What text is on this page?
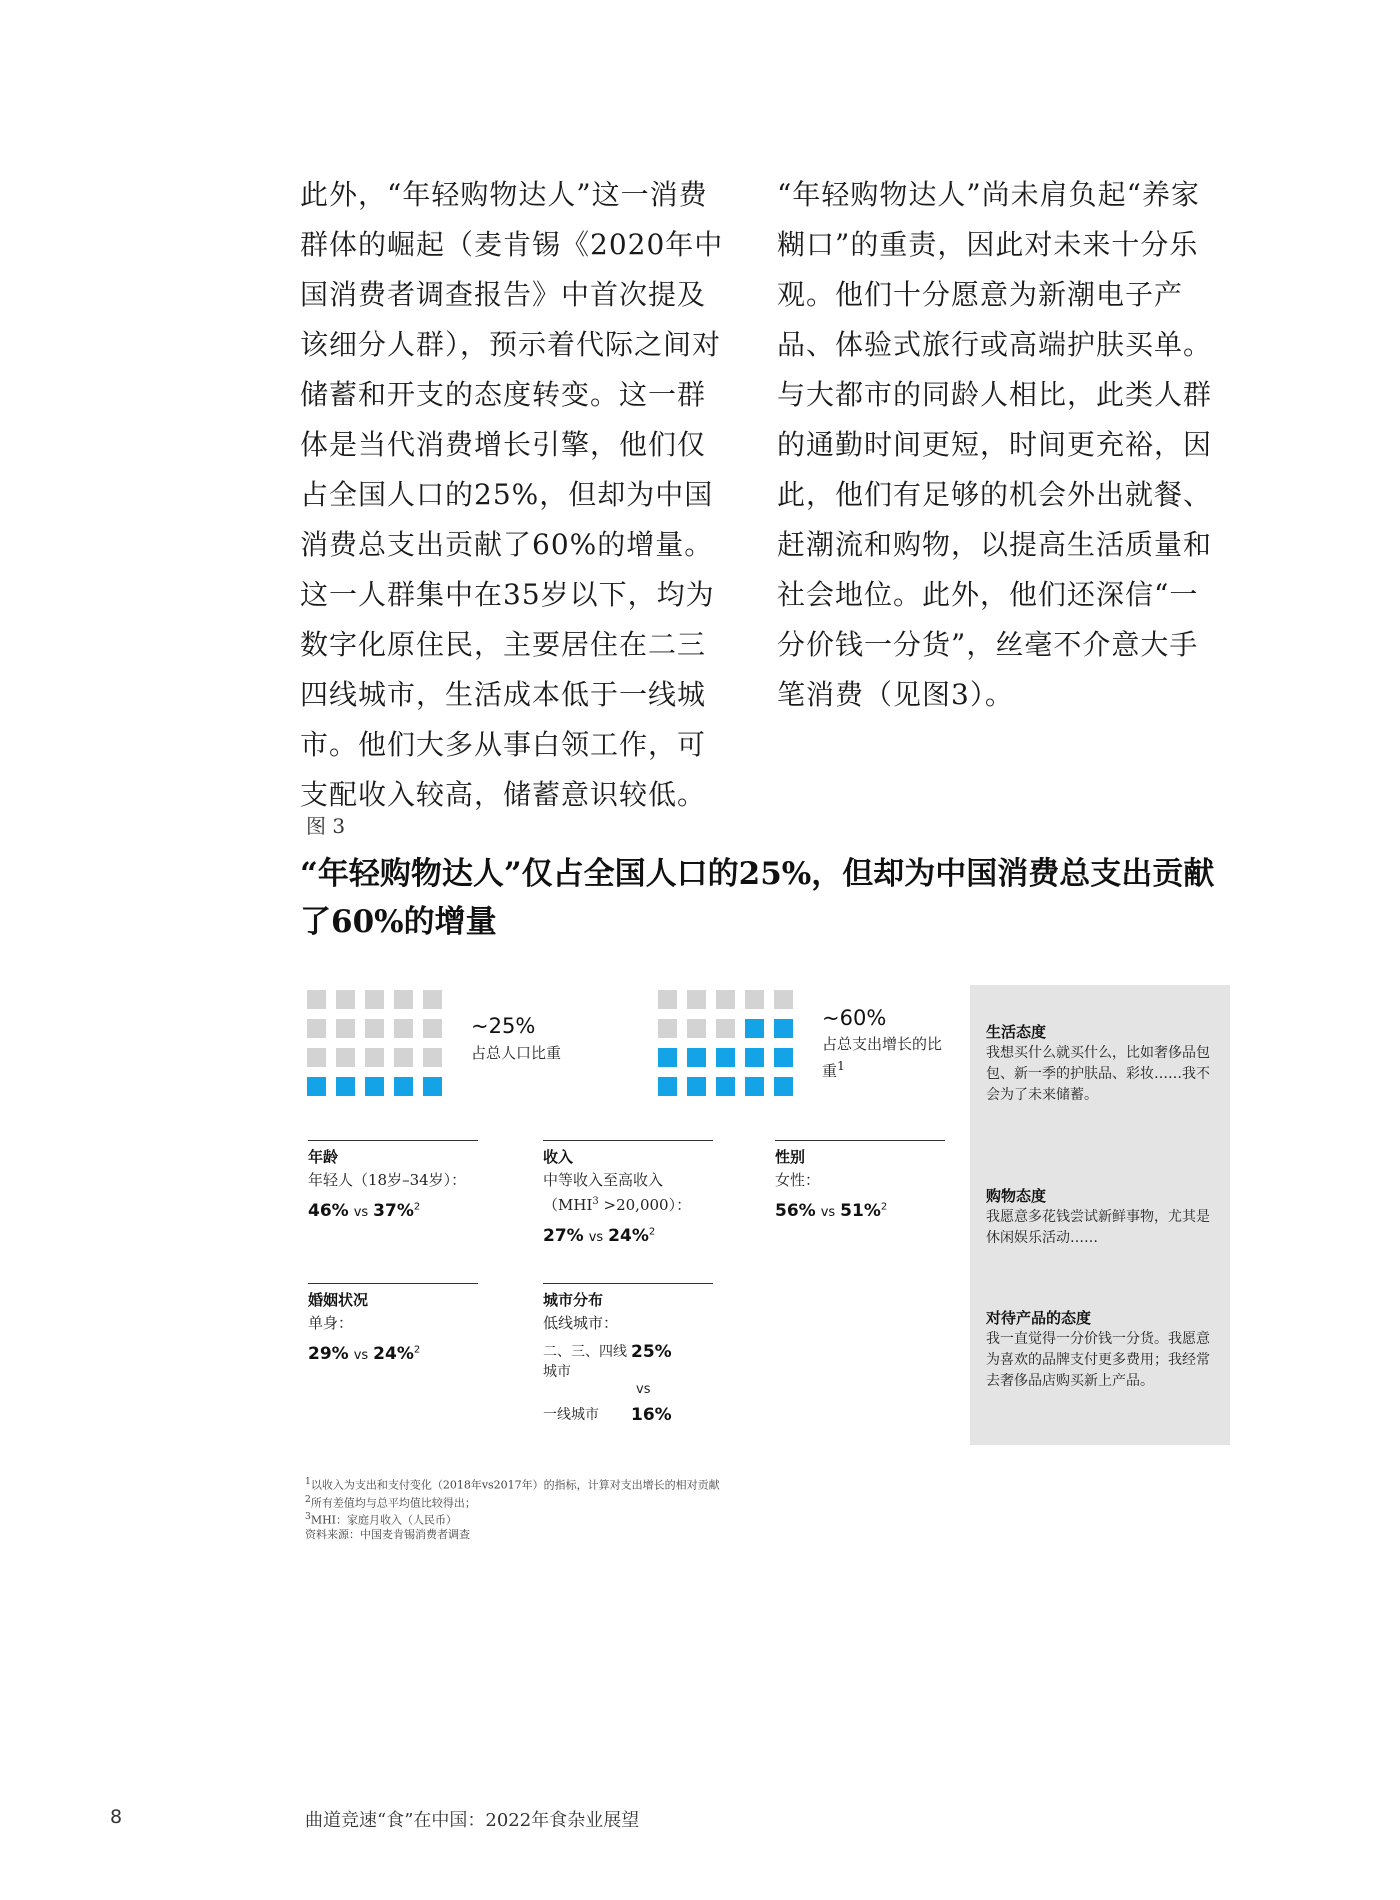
此外，“年轻购物达人”这一消费群体的崛起（麦肯锡《2020年中国消费者调查报告》中首次提及该细分人群），预示着代际之间对储蓄和开支的态度转变。这一群体是当代消费增长引擎，他们仅占全国人口的25%，但却为中国消费总支出贡献了60%的增量。这一人群集中在35岁以下，均为数字化原住民，主要居住在二三四线城市，生活成本低于一线城市。他们大多从事白领工作，可支配收入较高，储蓄意识较低。

“年轻购物达人”尚未肩负起“养家糊口”的重责，因此对未来十分乐观。他们十分愿意为新潮电子产品、体验式旅行或高端护肤买单。与大都市的同龄人相比，此类人群的通勤时间更短，时间更充裕，因此，他们有足够的机会外出就餐、赶潮流和购物，以提高生活质量和社会地位。此外，他们还深信“一分价钱一分货”，丝毫不介意大手笔消费（见图3）。

图 3
“年轻购物达人”仅占全国人口的25%，但却为中国消费总支出贡献了60%的增量
~25%
占总人口比重
~60%
占总支出增长的比重$^1$
年龄
年轻人（18岁–34岁）：
46% vs 37%$^2$
收入
中等收入至高收入$(MHI^3 >20,000)$：
27% vs 24%$^2$
性别
女性：
56% vs 51%$^2$
婚姻状况
单身：
29% vs 24%$^2$
城市分布
低线城市：
二、三、四线城市
25%
vs
一线城市	16%
生活态度
我想买什么就买什么，比如奢侈品包包、新一季的护肤品、彩妆……我不会为了未来储蓄。
购物态度
我愿意多花钱尝试新鲜事物，尤其是休闲娱乐活动……
对待产品的态度
我一直觉得一分价钱一分货。我愿意为喜欢的品牌支付更多费用；我经常去奢侈品店购买新上产品。
$^1$以收入为支出和支付变化（2018年vs2017年）的指标，计算对支出增长的相对贡献
$^2$所有差值均与总平均值比较得出；
$^3$MHI：家庭月收入（人民币）
资料来源：中国麦肯锡消费者调查
8	曲道竞速“食”在中国：2022年食杂业展望
